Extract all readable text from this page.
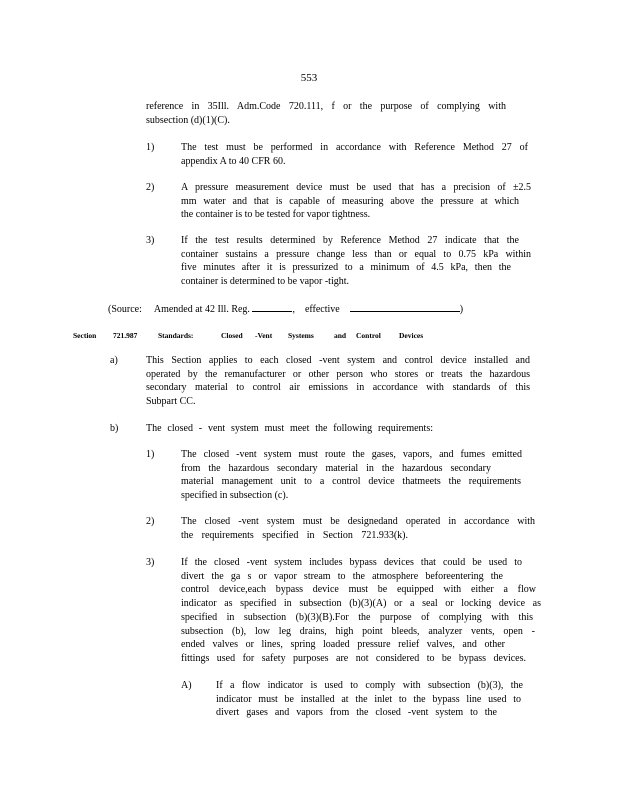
553
reference in 35Ill. Adm.Code 720.111, f or the purpose of complying with
subsection (d)(1)(C).
1)	The test must be performed in accordance with Reference Method 27 of
appendix A to 40 CFR 60.
2)	A pressure measurement device must be used that has a precision of ±2.5
mm water and that is capable of measuring above the pressure at which
the container is to be tested for vapor tightness.
3)	If the test results determined by Reference Method 27 indicate that the
container sustains a pressure change less than or equal to 0.75 kPa within
five minutes after it is pressurized to a minimum of 4.5 kPa, then the
container is determined to be vapor -tight.
(Source: Amended at 42 Ill. Reg.	,    effective	)
Section 721.987	Standards:	Closed -Vent Systems	and Control Devices
a)	This Section applies to each closed -vent system and control device installed and
operated by the remanufacturer or other person who stores or treats the hazardous
secondary material to control air emissions in accordance with standards of this
Subpart CC.
b)	The closed - vent system must meet the following requirements:
1)	The closed -vent system must route the gases, vapors, and fumes emitted
from the hazardous secondary material in the hazardous secondary
material management unit to a control device thatmeets the requirements
specified in subsection (c).
2)	The closed -vent system must be designedand operated in accordance with
the requirements specified in Section 721.933(k).
3)	If the closed -vent system includes bypass devices that could be used to
divert the ga s or vapor stream to the atmosphere beforeentering the
control device,each bypass device must be equipped with either a flow
indicator as specified in subsection (b)(3)(A) or a seal or locking device as
specified in subsection (b)(3)(B).For the purpose of complying with this
subsection (b), low leg drains, high point bleeds, analyzer vents, open -
ended valves or lines, spring loaded pressure relief valves, and other
fittings used for safety purposes are not considered to be bypass devices.
A) If a flow indicator is used to comply with subsection (b)(3), the
indicator must be installed at the inlet to the bypass line used to
divert gases and vapors from the closed -vent system to the
